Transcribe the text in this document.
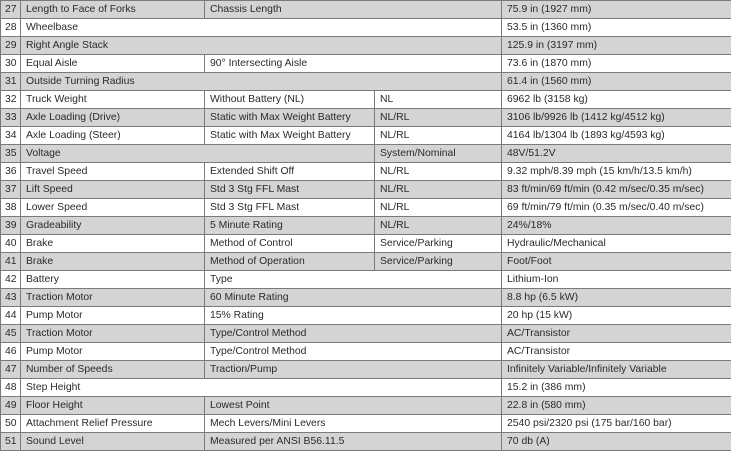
27	Length to Face of Forks	Chassis Length		75.9 in (1927 mm)
28	Wheelbase			53.5 in (1360 mm)
29	Right Angle Stack			125.9 in (3197 mm)
30	Equal Aisle	90° Intersecting Aisle		73.6 in (1870 mm)
31	Outside Turning Radius			61.4 in (1560 mm)
32	Truck Weight	Without Battery (NL)	NL	6962 lb (3158 kg)
33	Axle Loading (Drive)	Static with Max Weight Battery	NL/RL	3106 lb/9926 lb (1412 kg/4512 kg)
34	Axle Loading (Steer)	Static with Max Weight Battery	NL/RL	4164 lb/1304 lb (1893 kg/4593 kg)
35	Voltage		System/Nominal	48V/51.2V
36	Travel Speed	Extended Shift Off	NL/RL	9.32 mph/8.39 mph (15 km/h/13.5 km/h)
37	Lift Speed	Std 3 Stg FFL Mast	NL/RL	83 ft/min/69 ft/min (0.42 m/sec/0.35 m/sec)
38	Lower Speed	Std 3 Stg FFL Mast	NL/RL	69 ft/min/79 ft/min (0.35 m/sec/0.40 m/sec)
39	Gradeability	5 Minute Rating	NL/RL	24%/18%
40	Brake	Method of Control	Service/Parking	Hydraulic/Mechanical
41	Brake	Method of Operation	Service/Parking	Foot/Foot
42	Battery	Type		Lithium-Ion
43	Traction Motor	60 Minute Rating		8.8 hp (6.5 kW)
44	Pump Motor	15% Rating		20 hp (15 kW)
45	Traction Motor	Type/Control Method		AC/Transistor
46	Pump Motor	Type/Control Method		AC/Transistor
47	Number of Speeds	Traction/Pump		Infinitely Variable/Infinitely Variable
48	Step Height			15.2 in (386 mm)
49	Floor Height	Lowest Point		22.8 in (580 mm)
50	Attachment Relief Pressure	Mech Levers/Mini Levers		2540 psi/2320 psi (175 bar/160 bar)
51	Sound Level	Measured per ANSI B56.11.5		70 db (A)
